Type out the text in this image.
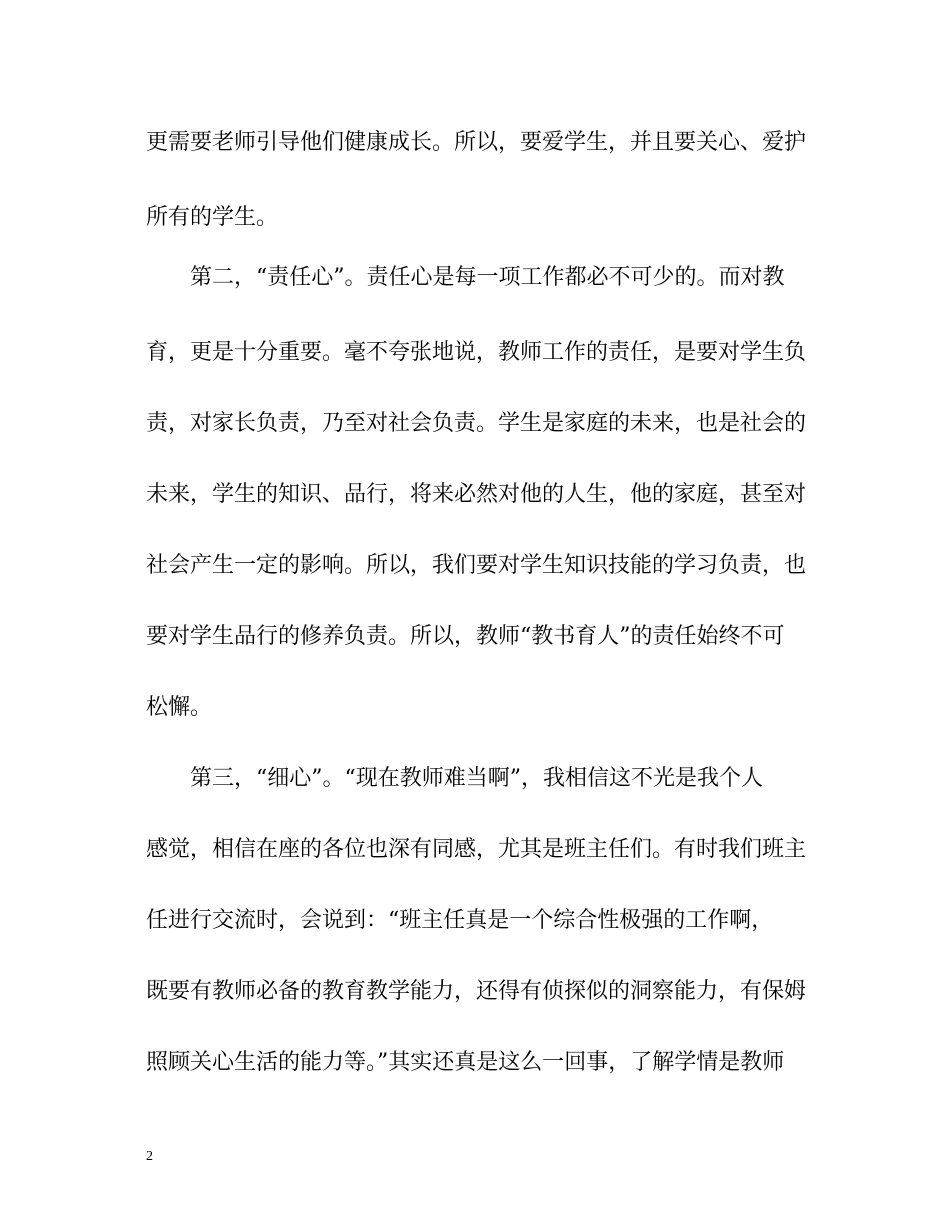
更需要老师引导他们健康成长。所以，要爱学生，并且要关心、爱护

所有的学生。

第二，“责任心”。责任心是每一项工作都必不可少的。而对教

育，更是十分重要。毫不夸张地说，教师工作的责任，是要对学生负

责，对家长负责，乃至对社会负责。学生是家庭的未来，也是社会的

未来，学生的知识、品行，将来必然对他的人生，他的家庭，甚至对

社会产生一定的影响。所以，我们要对学生知识技能的学习负责，也

要对学生品行的修养负责。所以，教师“教书育人”的责任始终不可

松懈。

第三，“细心”。“现在教师难当啊”，我相信这不光是我个人

感觉，相信在座的各位也深有同感，尤其是班主任们。有时我们班主

任进行交流时，会说到：“班主任真是一个综合性极强的工作啊，

既要有教师必备的教育教学能力，还得有侦探似的洞察能力，有保姆

照顾关心生活的能力等。”其实还真是这么一回事，了解学情是教师

2
